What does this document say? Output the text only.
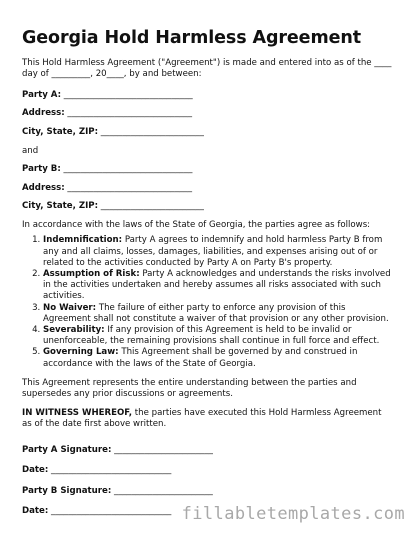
Georgia Hold Harmless Agreement

This Hold Harmless Agreement ("Agreement") is made and entered into as of the ____ day of _________, 20____, by and between:

Party A: ______________________________

Address: _____________________________

City, State, ZIP: ________________________

and

Party B: ______________________________

Address: _____________________________

City, State, ZIP: ________________________

In accordance with the laws of the State of Georgia, the parties agree as follows:

1. Indemnification: Party A agrees to indemnify and hold harmless Party B from any and all claims, losses, damages, liabilities, and expenses arising out of or related to the activities conducted by Party A on Party B's property.
2. Assumption of Risk: Party A acknowledges and understands the risks involved in the activities undertaken and hereby assumes all risks associated with such activities.
3. No Waiver: The failure of either party to enforce any provision of this Agreement shall not constitute a waiver of that provision or any other provision.
4. Severability: If any provision of this Agreement is held to be invalid or unenforceable, the remaining provisions shall continue in full force and effect.
5. Governing Law: This Agreement shall be governed by and construed in accordance with the laws of the State of Georgia.

This Agreement represents the entire understanding between the parties and supersedes any prior discussions or agreements.

IN WITNESS WHEREOF, the parties have executed this Hold Harmless Agreement as of the date first above written.

Party A Signature: _______________________

Date: ____________________________

Party B Signature: _______________________

Date: ____________________________ fillabletemplates.com
